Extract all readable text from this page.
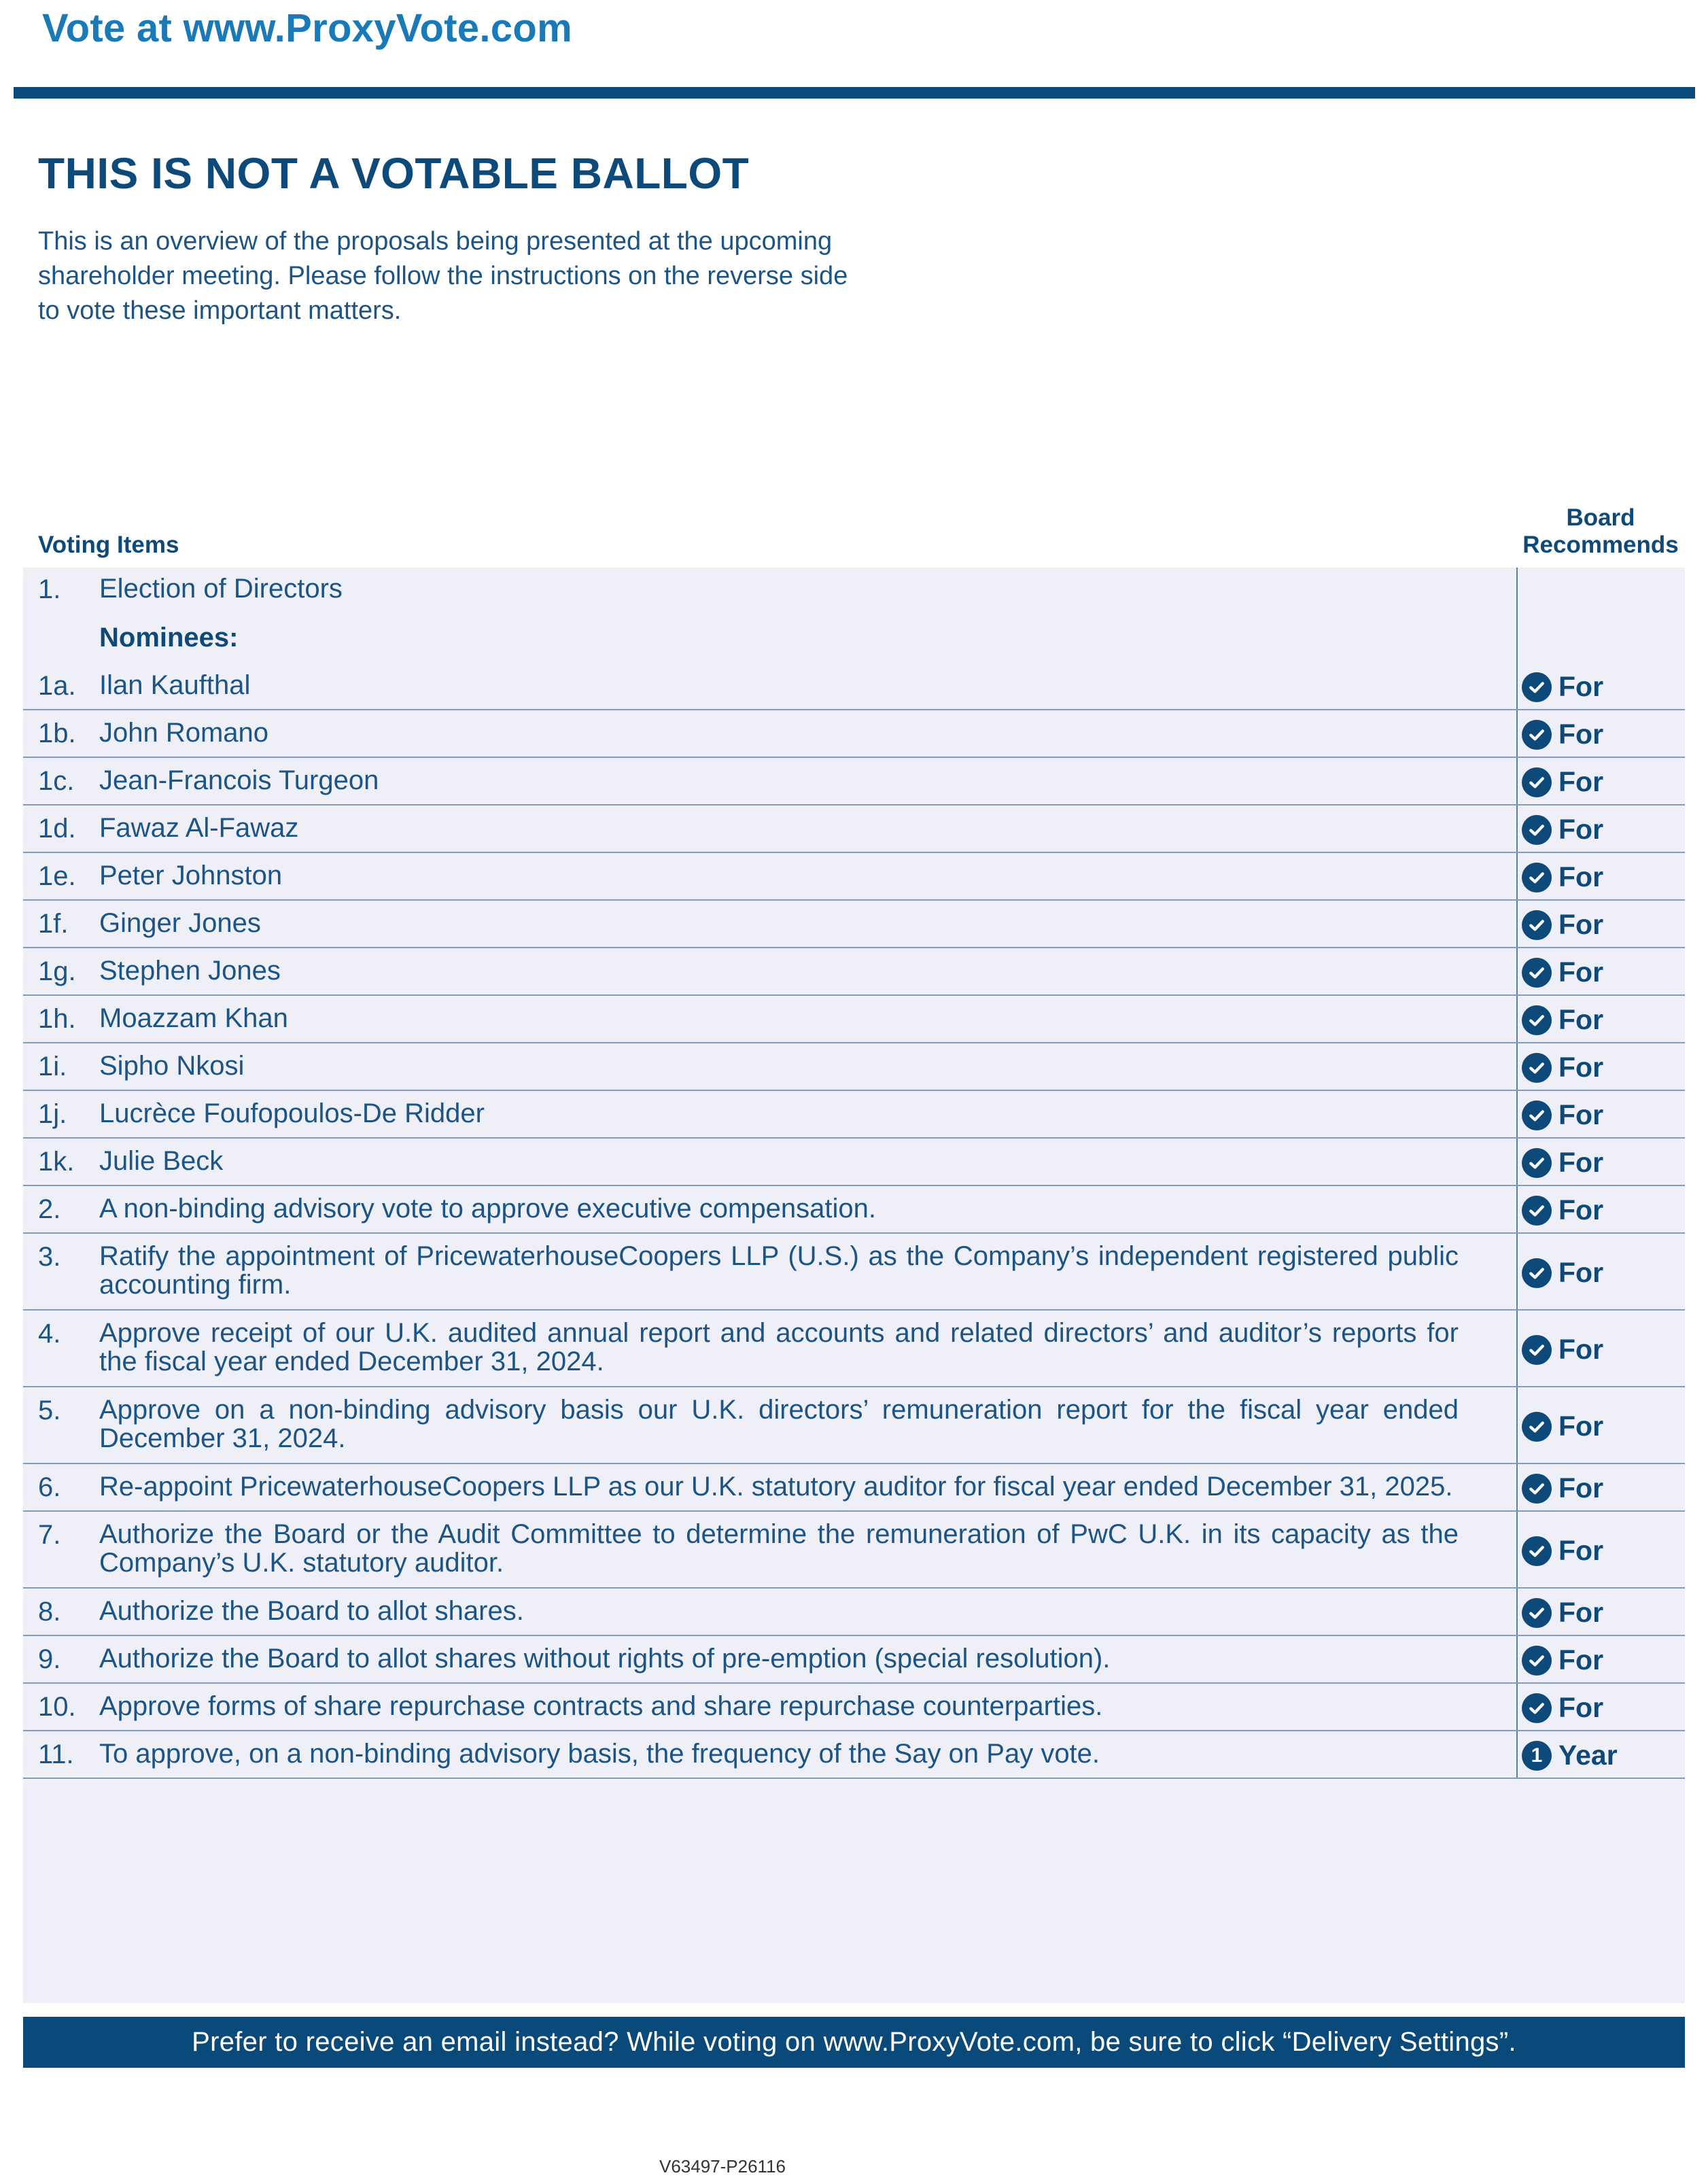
Vote at www.ProxyVote.com
THIS IS NOT A VOTABLE BALLOT
This is an overview of the proposals being presented at the upcoming shareholder meeting. Please follow the instructions on the reverse side to vote these important matters.
Voting Items
Board Recommends
1. Election of Directors
Nominees:
1a. Ilan Kaufthal	For
1b. John Romano	For
1c. Jean-Francois Turgeon	For
1d. Fawaz Al-Fawaz	For
1e. Peter Johnston	For
1f. Ginger Jones	For
1g. Stephen Jones	For
1h. Moazzam Khan	For
1i. Sipho Nkosi	For
1j. Lucrèce Foufopoulos-De Ridder	For
1k. Julie Beck	For
2. A non-binding advisory vote to approve executive compensation.	For
3. Ratify the appointment of PricewaterhouseCoopers LLP (U.S.) as the Company’s independent registered public accounting firm.	For
4. Approve receipt of our U.K. audited annual report and accounts and related directors’ and auditor’s reports for the fiscal year ended December 31, 2024.	For
5. Approve on a non-binding advisory basis our U.K. directors’ remuneration report for the fiscal year ended December 31, 2024.	For
6. Re-appoint PricewaterhouseCoopers LLP as our U.K. statutory auditor for fiscal year ended December 31, 2025.	For
7. Authorize the Board or the Audit Committee to determine the remuneration of PwC U.K. in its capacity as the Company’s U.K. statutory auditor.	For
8. Authorize the Board to allot shares.	For
9. Authorize the Board to allot shares without rights of pre-emption (special resolution).	For
10. Approve forms of share repurchase contracts and share repurchase counterparties.	For
11. To approve, on a non-binding advisory basis, the frequency of the Say on Pay vote.	1 Year
Prefer to receive an email instead? While voting on www.ProxyVote.com, be sure to click “Delivery Settings”.
V63497-P26116
